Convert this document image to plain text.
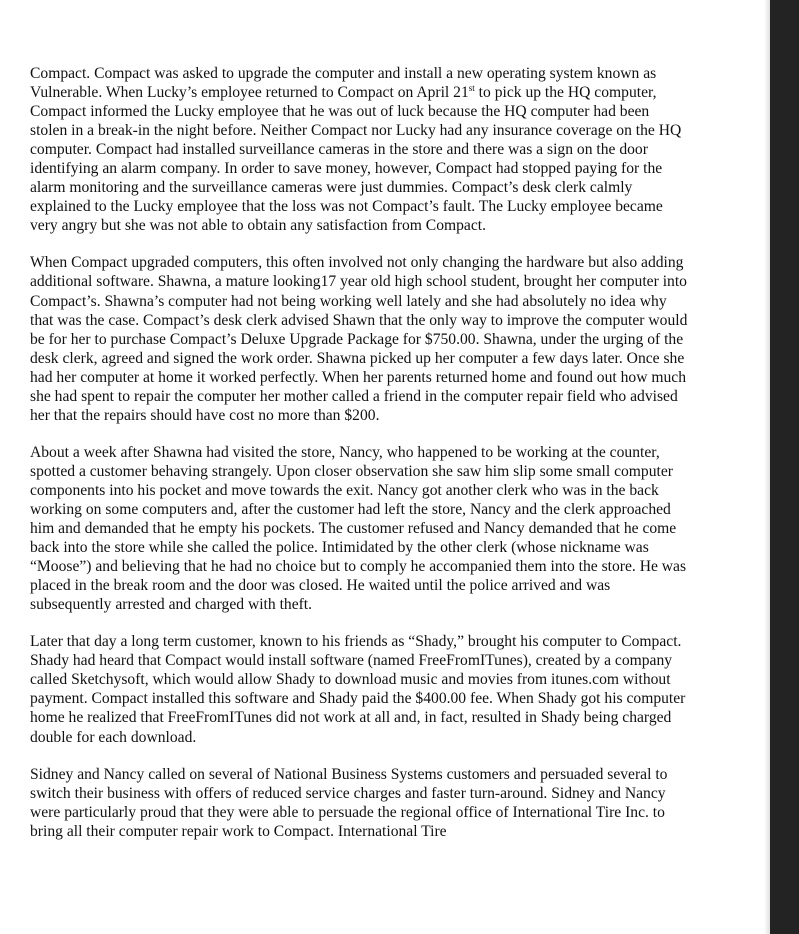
Compact. Compact was asked to upgrade the computer and install a new operating system known as Vulnerable. When Lucky’s employee returned to Compact on April 21st to pick up the HQ computer, Compact informed the Lucky employee that he was out of luck because the HQ computer had been stolen in a break-in the night before. Neither Compact nor Lucky had any insurance coverage on the HQ computer. Compact had installed surveillance cameras in the store and there was a sign on the door identifying an alarm company. In order to save money, however, Compact had stopped paying for the alarm monitoring and the surveillance cameras were just dummies. Compact’s desk clerk calmly explained to the Lucky employee that the loss was not Compact’s fault. The Lucky employee became very angry but she was not able to obtain any satisfaction from Compact.

When Compact upgraded computers, this often involved not only changing the hardware but also adding additional software. Shawna, a mature looking17 year old high school student, brought her computer into Compact’s. Shawna’s computer had not being working well lately and she had absolutely no idea why that was the case. Compact’s desk clerk advised Shawn that the only way to improve the computer would be for her to purchase Compact’s Deluxe Upgrade Package for $750.00. Shawna, under the urging of the desk clerk, agreed and signed the work order. Shawna picked up her computer a few days later. Once she had her computer at home it worked perfectly. When her parents returned home and found out how much she had spent to repair the computer her mother called a friend in the computer repair field who advised her that the repairs should have cost no more than $200.

About a week after Shawna had visited the store, Nancy, who happened to be working at the counter, spotted a customer behaving strangely. Upon closer observation she saw him slip some small computer components into his pocket and move towards the exit. Nancy got another clerk who was in the back working on some computers and, after the customer had left the store, Nancy and the clerk approached him and demanded that he empty his pockets. The customer refused and Nancy demanded that he come back into the store while she called the police. Intimidated by the other clerk (whose nickname was “Moose”) and believing that he had no choice but to comply he accompanied them into the store. He was placed in the break room and the door was closed. He waited until the police arrived and was subsequently arrested and charged with theft.

Later that day a long term customer, known to his friends as “Shady,” brought his computer to Compact. Shady had heard that Compact would install software (named FreeFromITunes), created by a company called Sketchysoft, which would allow Shady to download music and movies from itunes.com without payment. Compact installed this software and Shady paid the $400.00 fee. When Shady got his computer home he realized that FreeFromITunes did not work at all and, in fact, resulted in Shady being charged double for each download.

Sidney and Nancy called on several of National Business Systems customers and persuaded several to switch their business with offers of reduced service charges and faster turn-around. Sidney and Nancy were particularly proud that they were able to persuade the regional office of International Tire Inc. to bring all their computer repair work to Compact. International Tire
